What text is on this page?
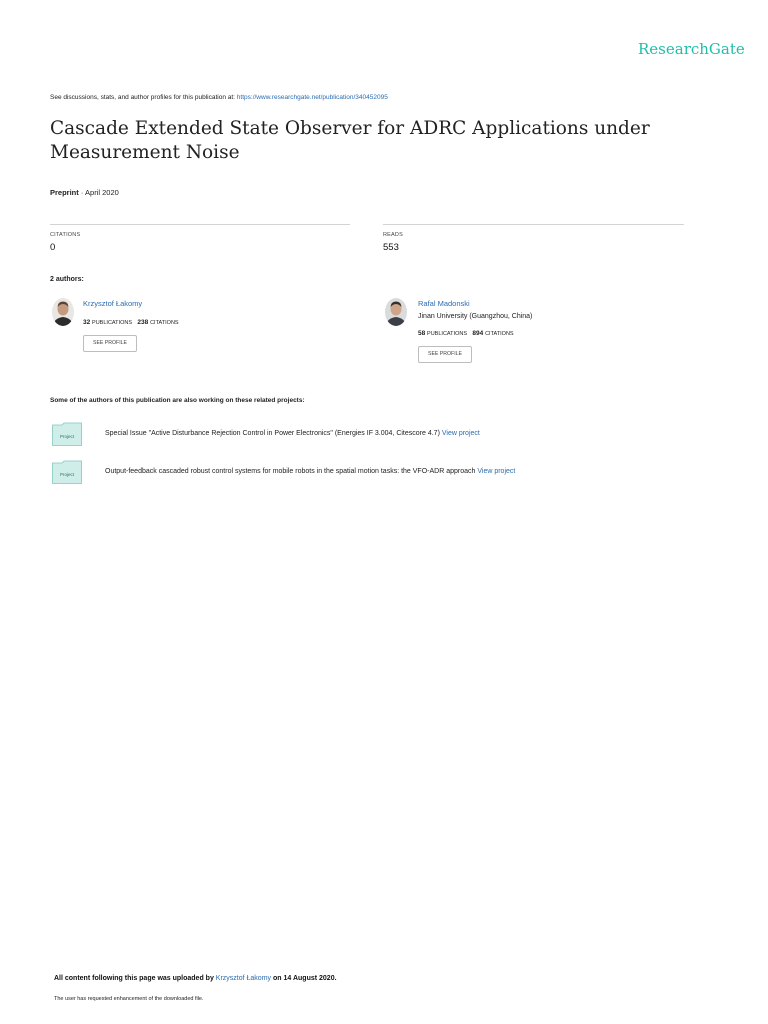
ResearchGate
See discussions, stats, and author profiles for this publication at: https://www.researchgate.net/publication/340452095
Cascade Extended State Observer for ADRC Applications under Measurement Noise
Preprint · April 2020
CITATIONS
0
READS
553
2 authors:
Krzysztof Łakomy
32 PUBLICATIONS 238 CITATIONS
SEE PROFILE
Rafal Madonski
Jinan University (Guangzhou, China)
58 PUBLICATIONS 894 CITATIONS
SEE PROFILE
Some of the authors of this publication are also working on these related projects:
Project	Special Issue "Active Disturbance Rejection Control in Power Electronics" (Energies IF 3.004, Citescore 4.7) View project
Project	Output-feedback cascaded robust control systems for mobile robots in the spatial motion tasks: the VFO-ADR approach View project
All content following this page was uploaded by Krzysztof Łakomy on 14 August 2020.
The user has requested enhancement of the downloaded file.
